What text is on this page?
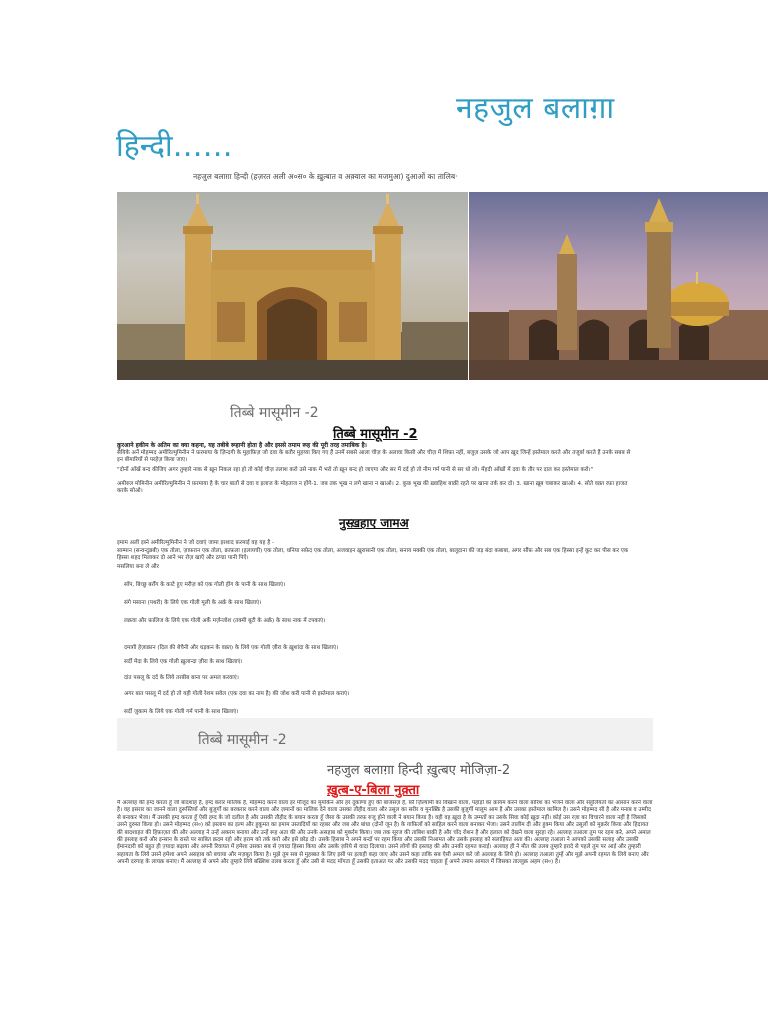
नहजुल बलाग़ा
हिन्दी……
नहजुल बलाग़ा हिन्दी (हज़रत अली अ०स० के ख़ुत्बात व अक़्वाल का मजमुआ) दुआओं का तालिब·
तिब्बे मासूमीन -2
तिब्बे मासूमीन -2
क़ुरआने हकीम के अतिम का क्या कहना, यह तबीबे रूहानी होता है और इससे तमाम रूह की पूरी तरह तमाबिक है।
सैयिके अर्ने मोहम्मद अमीरिल्मुमिनीन ने फ़रमाया के ज़िन्दगी के मुहाफ़िज़ जो दवा के बतौर मुहय्या किए गए हैं उनमें सबसे आला चीज़ के अलावा किसी और चीज़ में शिफ़ा नहीं, बजुज़ उसके जो आप ख़ुद जिन्हें इस्तेमाल करते और तजुर्बा करते हैं उनके सबब से इन बीमारियों से परहेज़ किया जाए।
"दोनों आँखें बन्द कीजिए अगर तुम्हारे नाक से ख़ून निकल रहा हो तो कोई चीज़ तलाश करो उसे नाक में भरो तो ख़ून बन्द हो जाएगा और सर में दर्द हो तो नीम गर्म पानी से सर धो लो। मेंहदी आँखों में दवा के तौर पर दाल कर इस्तेमाल करो।"
अमीरुल मोमिनीन अमीरिल्मुमिनीन ने फ़रमाया है के चार बातों से दवा व इलाज के मोहताज न होंगे-1. जब तक भूख न लगे खाना न खाओ। 2. कुछ भूख की ख़्वाहिश बाक़ी रहते पर खाना तर्क कर दो। 3. खाना ख़ूब चबाकर खाओ। 4. सोते वक़्त रफ़ा हाजत करके सोओ।
नुस्ख़हाए जामअ
इमाम अली इब्ने अमीरिल्मुमिनीन ने जो दवाएं जामा इरशाद फ़रमाई वह यह है -
साम्मान (सन्वन्दुन्नबी) एक तोला, ज़ाफ़रान एक तोला, क़ाफ़ला (इलायची) एक तोला, धनिया सफ़ेद एक तोला, अजवाइन ख़ुरासानी एक तोला, सनाय मक्की एक तोला, बालूदाना की जड़ बंदा कबाबा, अगर सौंफ़ और सब एक हिस्सा इन्हें कूट कर पीस कर एक हिस्सा शहद मिलाकर दो आने भर रोज़ खाएँ और ठण्डा पानी पिएँ।
मसलिया बना ले और
साँप, बिच्छू बर्रोंग के काटे हुए मरीज़ को एक गोली हींग के पानी के साथ खिलाएं।
संगे मसाना (पथरी) के लिये एक गोली मूली के अर्क़ के साथ खिलाएं।
लक़वा और फ़ालिज के लिये एक गोली अर्के मर्ज़न्जोश (तक्मी बूटी के अर्क़) के साथ नाक में टपकाएं।
दमाग़ी हेज़ाक़ान (दिल की बेचैनी और धड़कन के वक़्त) के लिये एक गोली ज़ीरा के ख़ुशांदा के साथ खिलाएं।
सर्दी मेदा के लिये एक गोली ख़ुलान्दा ज़ीरा के साथ खिलाएं।
दांत पसलू के दर्द के लिये तरबीब बाना पर अमल करवाएं।
अगर बात पसलू में दर्द हो तो यही गोली रेशम सवेल (एक दवा का नाम है) की जोश करी पानी से इस्तेमाल कराएं।
सर्दी ज़ुकाम के लिये एक गोली गर्म पानी के साथ खिलाएं।
तिब्बे मासूमीन -2
नहजुल बलाग़ा हिन्दी ख़ुत्बए मोजिज़ा-2
ख़ुत्ब-ए-बिला नुक़्ता
मैं अल्लाह की हम्द करता हूँ जो बादशाह है, हम्द करार मालिक है, मोहम्मद करने वाला इर मौजूद का मुमकिन और हर दुकाणा हुए की बाजसज़ है, फ़ौ ज़िल्यामी का विखाने वाला, पहाड़ों का क़ायम करने वाला बारिश का भेजने वाला और सहूलियतों का आसान करने वाला है। वह इसरार का जानने वाला दुरूस्तियाँ और बुज़ुर्गों का बरकरार करने वाला और ज़मानों का मालिक देने वाला उसका तौहीद वाला और उसूल का सरीर व मुनक़्क़ि है उसकी बुज़ुर्गी मालूम आम है और उसका इस्तेमाल कामिल है। उसने मोहम्मद सी है और मनाब व उम्मीद से बनाकर भेजा। मैं उसकी हम्द करता हूँ ऐसी हम्द के जो दलील है और उसकी तौहीद के बयान करता हूँ जैसा के उसकी तरफ़ रुजू होने वाली ने बयान किया है। वही वह ख़ुदा है के उम्मतों का उसके सिवा कोई ख़ुदा नहीं। कोई उस रज़ा का विचारने वाला नहीं है जिसको उसने दुरुस्त किया हो। उसने मोहम्मद (स०) को इस्लाम का इल्म और हुकूमत का इमाम उस्तादियों का रहबर और जब और बांधा (दोनों जून है) के ग़ाफ़िलों को साहिल करने वाला बनाकर भेजा। उसने तालीम दी और हुक्म किया और उसूलों को मुक़र्रर किया और हिदायत की बादशाहत की हिफ़ाज़त की और अल्लाह ने उन्हें अकरम बनाया और उन्हें रूह अता की और उनके असहाब को मुकर्रम किया। जब तक सूरज की ताबिश बाक़ी है और चाँद रोशन है और हलाल को देखने वाला सुरहा रहे। अल्लाह तआला तुम पर रहम करे, अपने अमाल की इस्लाह करो और इन्सान के रास्ते पर साबित क़दम रहो और हराम को तर्क करो और इसे छोड़ दो। उसके हिसाब ने अपने बन्दों पर रहम किया और उसकी निआमत और उसके इस्लाह को सलाहियत अता की। अल्लाह तआला ने आपको उसकी सलाह और उसकी ईमानदारी को बहुत ही ज़्यादा बढ़ाया और अपनी रिवायत में हमेशा उसका सब से ज़्यादा हिस्सा किया और उसके ज़रिये से वादा दिलाया। उसने लोगों की इस्लाह की और उनकी रहमत कराई। अल्लाह ही ने मौत की तलब तुम्हारे इरादे से पहले तुम पर आई और तुम्हारी सहायता के लिये उसने हमेशा अपने असहाब को बचाया और मज़बूत किया है। मुझे तुम सब से मुहब्बत के लिए इसी पर इलाही कहा जाए और उसने कहा ताकि सब ऐसी अमल करे जो अल्लाह के लिये हो। अल्लाह तआला तुम्हें और मुझे अपनी रहमत के लिये बनाए और अपनी दरगाह के लायक़ बनाए। मैं अल्लाह से अपने और तुम्हारे लिये बख़्शिश तलब करता हूँ और उसी से मदद माँगता हूँ उसकी इताअत पर और उसकी मदद चाहता हूँ अपने तमाम आमाल में जिसका ताल्लुक़ अहम (स०) है।
